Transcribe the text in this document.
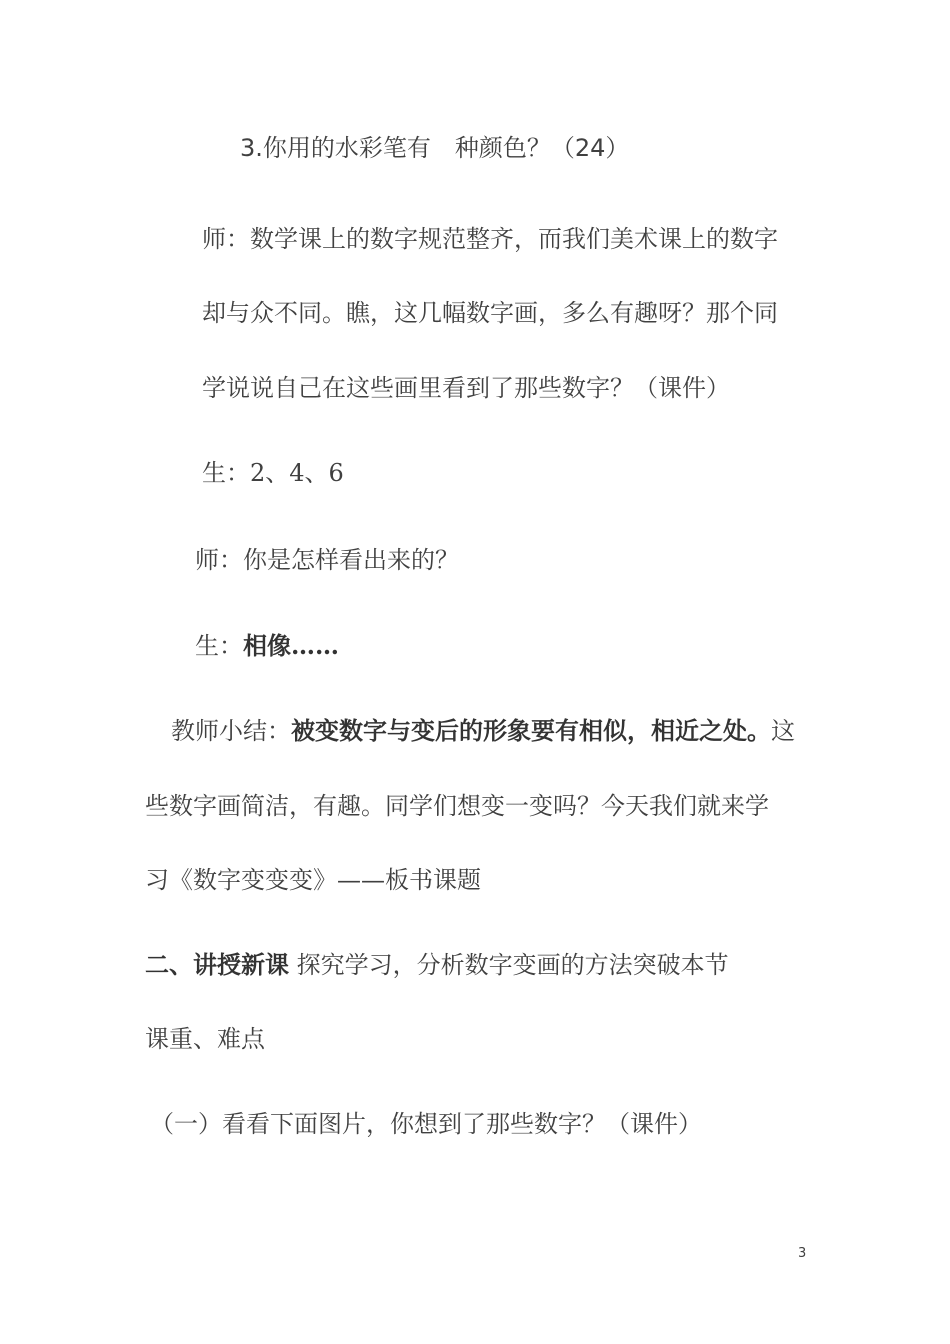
3.你用的水彩笔有　种颜色？（24）
师：数学课上的数字规范整齐，而我们美术课上的数字
却与众不同。瞧，这几幅数字画，多么有趣呀？那个同
学说说自己在这些画里看到了那些数字？（课件）
生：2、4、6
师：你是怎样看出来的？
生：相像……
教师小结：被变数字与变后的形象要有相似，相近之处。这
些数字画简洁，有趣。同学们想变一变吗？今天我们就来学
习《数字变变变》——板书课题
二、讲授新课 探究学习，分析数字变画的方法突破本节
课重、难点
（一）看看下面图片，你想到了那些数字？（课件）
3
